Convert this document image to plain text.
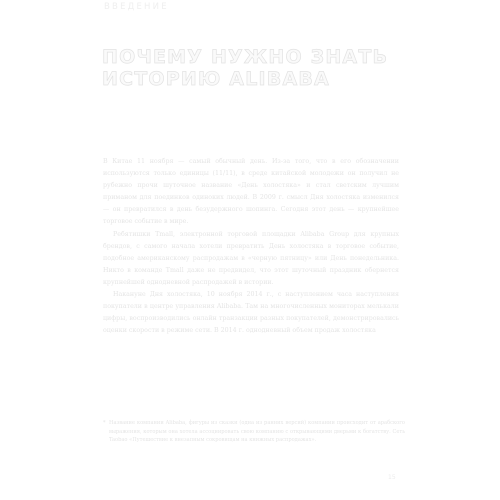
ВВЕДЕНИЕ
ПОЧЕМУ НУЖНО ЗНАТЬ
ИСТОРИЮ ALIBABA

В Китае 11 ноября — самый обычный день. Из-за того, что в его обозначении используются только единицы (11/11), в среде китайской молодежи он получил не рубежно прочи шуточное название «День холостяка» и стал светским лучшим приманом для поединков одиноких людей. В 2009 г. смысл Дня холостяка изменился — он превратился в день безудержного шопинга. Сегодня этот день — крупнейшее торговое событие в мире.

Ребятишки Tmall, электронной торговой площадки Alibaba Group для крупных брендов, с самого начала хотели превратить День холостяка в торговое событие, подобное американскому распродажам в «черную пятницу» или День понедельника. Никто в команде Tmall даже не предвидел, что этот шуточный праздник обернется крупнейшей однодневной распродажей в истории.

Накануне Дня холостяка, 10 ноября 2014 г., с наступлением часа наступления покупатели в центре управления Alibaba. Там на многочисленных мониторах мелькали цифры, воспроизводились онлайн транзакции разных покупателей, демонстрировались оценки скорости в режиме сети. В 2014 г. однодневный объем продаж холостяка

* Название компании Alibaba, фигуры из сказки (одна из ранних версий) компании происходит от арабского выражения, которым она хотела ассоциировать свою компанию с открывающими дверьми к богатству. Сеть Taobao «Путешествие к внезапным сокровищам на книжных распродажах».
15
